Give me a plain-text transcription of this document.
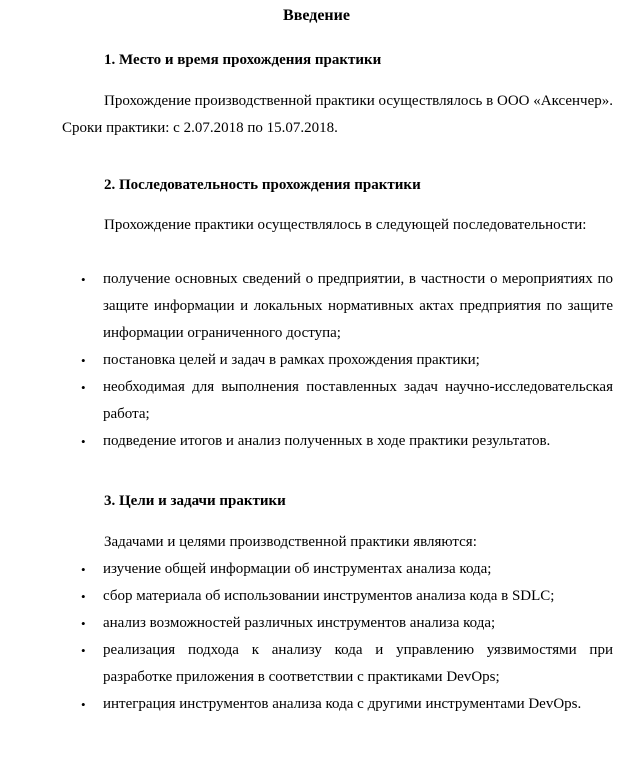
Введение
1. Место и время прохождения практики
Прохождение производственной практики осуществлялось в ООО «Аксенчер». Сроки практики: с 2.07.2018 по 15.07.2018.
2. Последовательность прохождения практики
Прохождение практики осуществлялось в следующей последовательности:
• получение основных сведений о предприятии, в частности о мероприятиях по защите информации и локальных нормативных актах предприятия по защите информации ограниченного доступа;
• постановка целей и задач в рамках прохождения практики;
• необходимая для выполнения поставленных задач научно-исследовательская работа;
• подведение итогов и анализ полученных в ходе практики результатов.
3. Цели и задачи практики
Задачами и целями производственной практики являются:
• изучение общей информации об инструментах анализа кода;
• сбор материала об использовании инструментов анализа кода в SDLC;
• анализ возможностей различных инструментов анализа кода;
• реализация подхода к анализу кода и управлению уязвимостями при разработке приложения в соответствии с практиками DevOps;
• интеграция инструментов анализа кода с другими инструментами DevOps.
